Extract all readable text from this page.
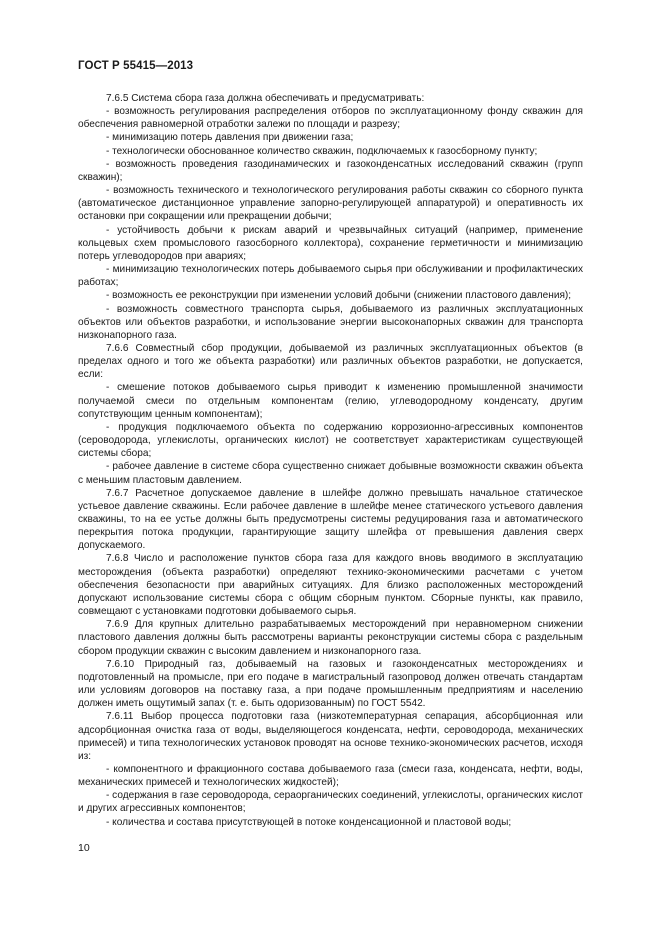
ГОСТ Р 55415—2013

7.6.5 Система сбора газа должна обеспечивать и предусматривать:

- возможность регулирования распределения отборов по эксплуатационному фонду скважин для обеспечения равномерной отработки залежи по площади и разрезу;

- минимизацию потерь давления при движении газа;

- технологически обоснованное количество скважин, подключаемых к газосборному пункту;

- возможность проведения газодинамических и газоконденсатных исследований скважин (групп скважин);

- возможность технического и технологического регулирования работы скважин со сборного пункта (автоматическое дистанционное управление запорно-регулирующей аппаратурой) и оперативность их остановки при сокращении или прекращении добычи;

- устойчивость добычи к рискам аварий и чрезвычайных ситуаций (например, применение кольцевых схем промыслового газосборного коллектора), сохранение герметичности и минимизацию потерь углеводородов при авариях;

- минимизацию технологических потерь добываемого сырья при обслуживании и профилактических работах;

- возможность ее реконструкции при изменении условий добычи (снижении пластового давления);

- возможность совместного транспорта сырья, добываемого из различных эксплуатационных объектов или объектов разработки, и использование энергии высоконапорных скважин для транспорта низконапорного газа.

7.6.6 Совместный сбор продукции, добываемой из различных эксплуатационных объектов (в пределах одного и того же объекта разработки) или различных объектов разработки, не допускается, если:

- смешение потоков добываемого сырья приводит к изменению промышленной значимости получаемой смеси по отдельным компонентам (гелию, углеводородному конденсату, другим сопутствующим ценным компонентам);

- продукция подключаемого объекта по содержанию коррозионно-агрессивных компонентов (сероводорода, углекислоты, органических кислот) не соответствует характеристикам существующей системы сбора;

- рабочее давление в системе сбора существенно снижает добывные возможности скважин объекта с меньшим пластовым давлением.

7.6.7 Расчетное допускаемое давление в шлейфе должно превышать начальное статическое устьевое давление скважины. Если рабочее давление в шлейфе менее статического устьевого давления скважины, то на ее устье должны быть предусмотрены системы редуцирования газа и автоматического перекрытия потока продукции, гарантирующие защиту шлейфа от превышения давления сверх допускаемого.

7.6.8 Число и расположение пунктов сбора газа для каждого вновь вводимого в эксплуатацию месторождения (объекта разработки) определяют технико-экономическими расчетами с учетом обеспечения безопасности при аварийных ситуациях. Для близко расположенных месторождений допускают использование системы сбора с общим сборным пунктом. Сборные пункты, как правило, совмещают с установками подготовки добываемого сырья.

7.6.9 Для крупных длительно разрабатываемых месторождений при неравномерном снижении пластового давления должны быть рассмотрены варианты реконструкции системы сбора с раздельным сбором продукции скважин с высоким давлением и низконапорного газа.

7.6.10 Природный газ, добываемый на газовых и газоконденсатных месторождениях и подготовленный на промысле, при его подаче в магистральный газопровод должен отвечать стандартам или условиям договоров на поставку газа, а при подаче промышленным предприятиям и населению должен иметь ощутимый запах (т. е. быть одоризованным) по ГОСТ 5542.

7.6.11 Выбор процесса подготовки газа (низкотемпературная сепарация, абсорбционная или адсорбционная очистка газа от воды, выделяющегося конденсата, нефти, сероводорода, механических примесей) и типа технологических установок проводят на основе технико-экономических расчетов, исходя из:

- компонентного и фракционного состава добываемого газа (смеси газа, конденсата, нефти, воды, механических примесей и технологических жидкостей);

- содержания в газе сероводорода, сераорганических соединений, углекислоты, органических кислот и других агрессивных компонентов;

- количества и состава присутствующей в потоке конденсационной и пластовой воды;

10
